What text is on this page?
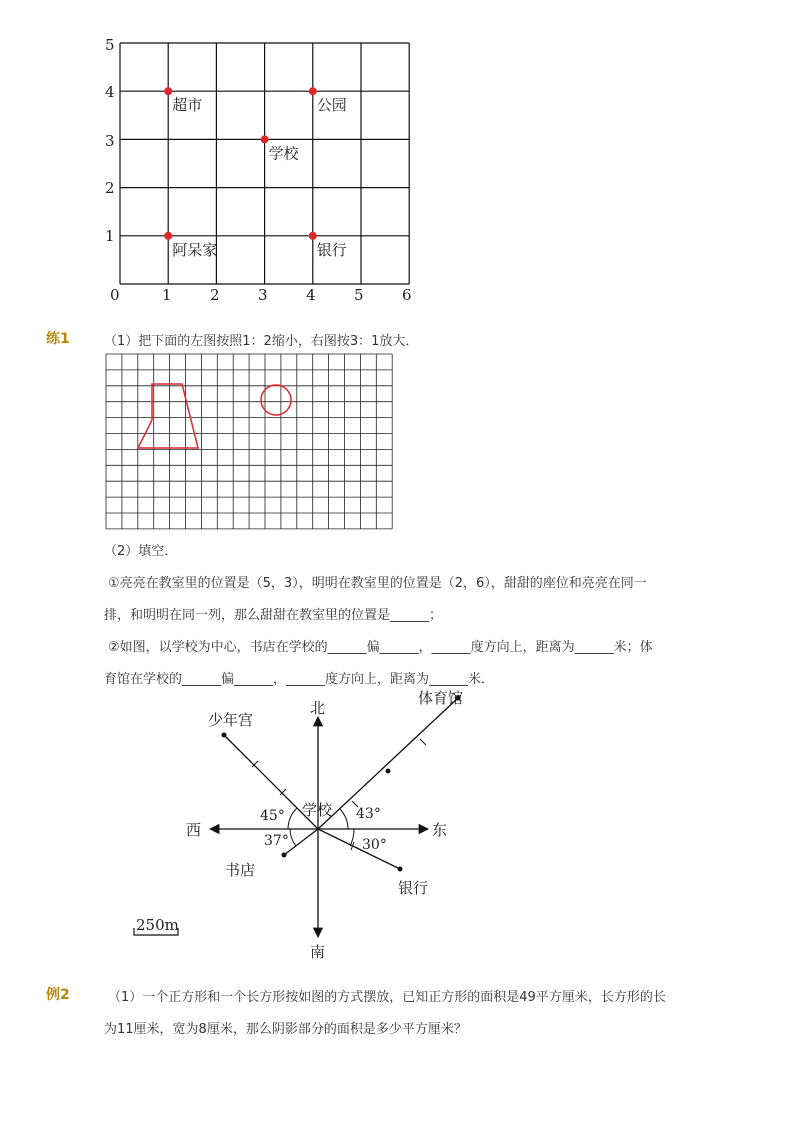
0	1	2	3	4	5	6
1
2
3
4
5
超市	公园
学校
阿呆家	银行
练1	（1）把下面的左图按照1：2缩小，右图按3：1放大．
（2）填空．
①亮亮在教室里的位置是（5，3），明明在教室里的位置是（2，6），甜甜的座位和亮亮在同一
排，和明明在同一列，那么甜甜在教室里的位置是______；
②如图，以学校为中心，书店在学校的______偏______，______度方向上，距离为______米；体
育馆在学校的______偏______，______度方向上，距离为______米．
北
南
东
西
学校
少年宫
体育馆
书店
银行
45°	43°
37°	30°
250m
例2	（1）一个正方形和一个长方形按如图的方式摆放，已知正方形的面积是49平方厘米，长方形的长
为11厘米，宽为8厘米，那么阴影部分的面积是多少平方厘米？
